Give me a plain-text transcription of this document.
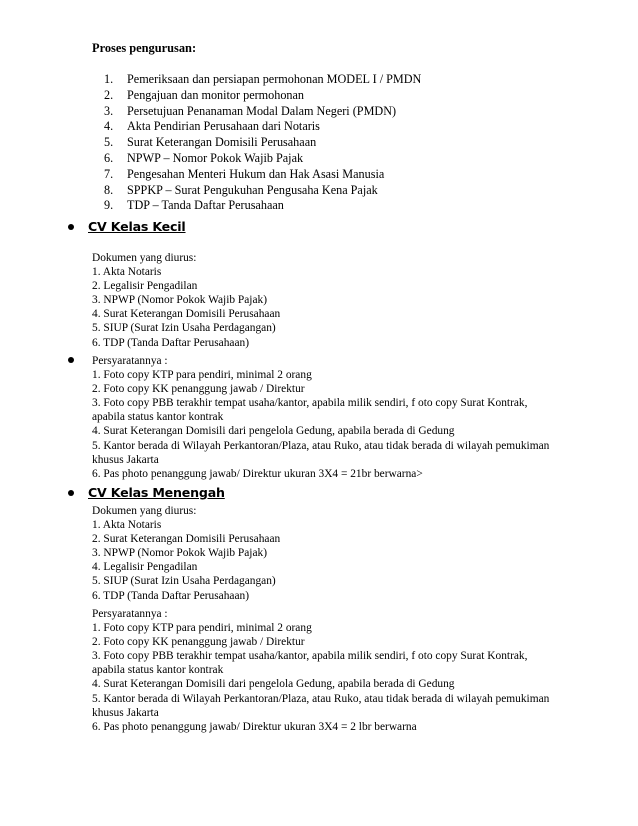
Proses pengurusan:
1. Pemeriksaan dan persiapan permohonan MODEL I / PMDN
2. Pengajuan dan monitor permohonan
3. Persetujuan Penanaman Modal Dalam Negeri (PMDN)
4. Akta Pendirian Perusahaan dari Notaris
5. Surat Keterangan Domisili Perusahaan
6. NPWP – Nomor Pokok Wajib Pajak
7. Pengesahan Menteri Hukum dan Hak Asasi Manusia
8. SPPKP – Surat Pengukuhan Pengusaha Kena Pajak
9. TDP – Tanda Daftar Perusahaan
CV Kelas Kecil
Dokumen yang diurus:
1. Akta Notaris
2. Legalisir Pengadilan
3. NPWP (Nomor Pokok Wajib Pajak)
4. Surat Keterangan Domisili Perusahaan
5. SIUP (Surat Izin Usaha Perdagangan)
6. TDP (Tanda Daftar Perusahaan)
Persyaratannya :
1. Foto copy KTP para pendiri, minimal 2 orang
2. Foto copy KK penanggung jawab / Direktur
3. Foto copy PBB terakhir tempat usaha/kantor, apabila milik sendiri, f oto copy Surat Kontrak,
apabila status kantor kontrak
4. Surat Keterangan Domisili dari pengelola Gedung, apabila berada di Gedung
5. Kantor berada di Wilayah Perkantoran/Plaza, atau Ruko, atau tidak berada di wilayah pemukiman
khusus Jakarta
6. Pas photo penanggung jawab/ Direktur ukuran 3X4 = 21br berwarna>
CV Kelas Menengah
Dokumen yang diurus:
1. Akta Notaris
2. Surat Keterangan Domisili Perusahaan
3. NPWP (Nomor Pokok Wajib Pajak)
4. Legalisir Pengadilan
5. SIUP (Surat Izin Usaha Perdagangan)
6. TDP (Tanda Daftar Perusahaan)
Persyaratannya :
1. Foto copy KTP para pendiri, minimal 2 orang
2. Foto copy KK penanggung jawab / Direktur
3. Foto copy PBB terakhir tempat usaha/kantor, apabila milik sendiri, f oto copy Surat Kontrak,
apabila status kantor kontrak
4. Surat Keterangan Domisili dari pengelola Gedung, apabila berada di Gedung
5. Kantor berada di Wilayah Perkantoran/Plaza, atau Ruko, atau tidak berada di wilayah pemukiman
khusus Jakarta
6. Pas photo penanggung jawab/ Direktur ukuran 3X4 = 2 lbr berwarna
